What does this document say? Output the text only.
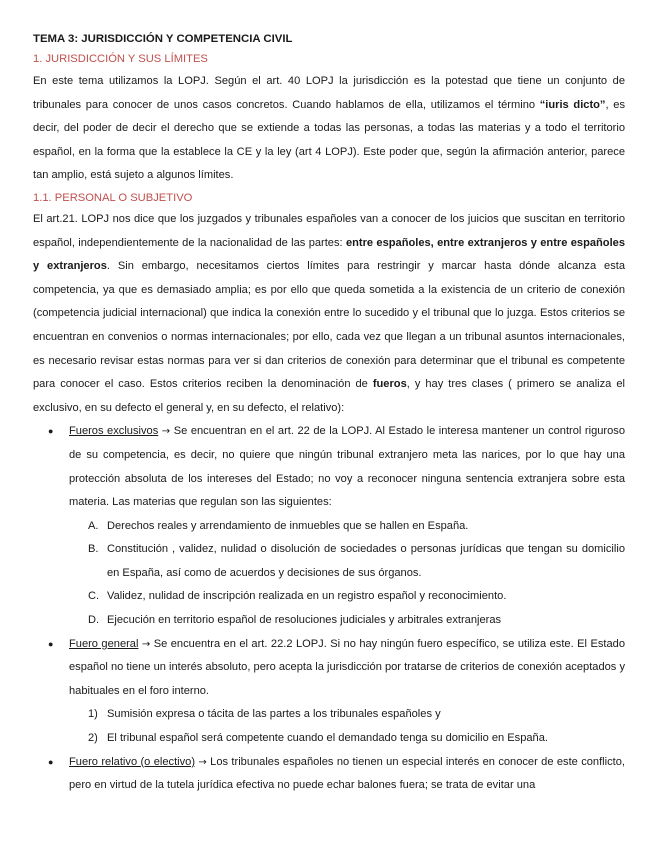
TEMA 3: JURISDICCIÓN Y COMPETENCIA CIVIL
1. JURISDICCIÓN Y SUS LÍMITES

En este tema utilizamos la LOPJ. Según el art. 40 LOPJ la jurisdicción es la potestad que tiene un conjunto de tribunales para conocer de unos casos concretos. Cuando hablamos de ella, utilizamos el término “iuris dicto”, es decir, del poder de decir el derecho que se extiende a todas las personas, a todas las materias y a todo el territorio español, en la forma que la establece la CE y la ley (art 4 LOPJ). Este poder que, según la afirmación anterior, parece tan amplio, está sujeto a algunos límites.

1.1. PERSONAL O SUBJETIVO

El art.21. LOPJ nos dice que los juzgados y tribunales españoles van a conocer de los juicios que suscitan en territorio español, independientemente de la nacionalidad de las partes: entre españoles, entre extranjeros y entre españoles y extranjeros. Sin embargo, necesitamos ciertos límites para restringir y marcar hasta dónde alcanza esta competencia, ya que es demasiado amplia; es por ello que queda sometida a la existencia de un criterio de conexión (competencia judicial internacional) que indica la conexión entre lo sucedido y el tribunal que lo juzga. Estos criterios se encuentran en convenios o normas internacionales; por ello, cada vez que llegan a un tribunal asuntos internacionales, es necesario revisar estas normas para ver si dan criterios de conexión para determinar que el tribunal es competente para conocer el caso. Estos criterios reciben la denominación de fueros, y hay tres clases ( primero se analiza el exclusivo, en su defecto el general y, en su defecto, el relativo):

● Fueros exclusivos → Se encuentran en el art. 22 de la LOPJ. Al Estado le interesa mantener un control riguroso de su competencia, es decir, no quiere que ningún tribunal extranjero meta las narices, por lo que hay una protección absoluta de los intereses del Estado; no voy a reconocer ninguna sentencia extranjera sobre esta materia. Las materias que regulan son las siguientes:
A. Derechos reales y arrendamiento de inmuebles que se hallen en España.
B. Constitución , validez, nulidad o disolución de sociedades o personas jurídicas que tengan su domicilio en España, así como de acuerdos y decisiones de sus órganos.
C. Validez, nulidad de inscripción realizada en un registro español y reconocimiento.
D. Ejecución en territorio español de resoluciones judiciales y arbitrales extranjeras
● Fuero general → Se encuentra en el art. 22.2 LOPJ. Si no hay ningún fuero específico, se utiliza este. El Estado español no tiene un interés absoluto, pero acepta la jurisdicción por tratarse de criterios de conexión aceptados y habituales en el foro interno.
1) Sumisión expresa o tácita de las partes a los tribunales españoles y
2) El tribunal español será competente cuando el demandado tenga su domicilio en España.
● Fuero relativo (o electivo) → Los tribunales españoles no tienen un especial interés en conocer de este conflicto, pero en virtud de la tutela jurídica efectiva no puede echar balones fuera; se trata de evitar una
